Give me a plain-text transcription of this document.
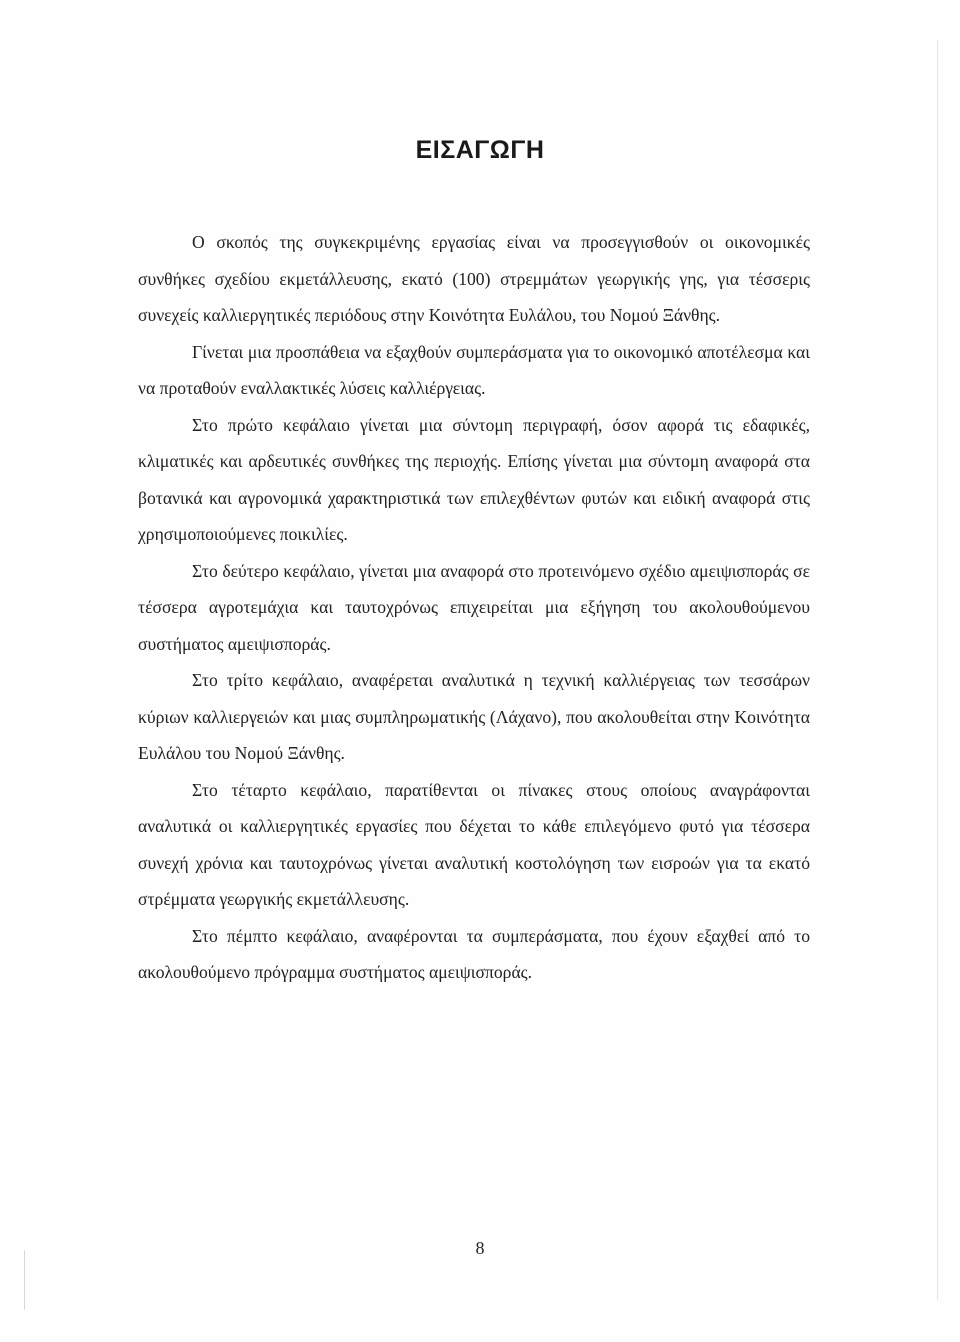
ΕΙΣΑΓΩΓΗ

Ο σκοπός της συγκεκριμένης εργασίας είναι να προσεγγισθούν οι οικονομικές συνθήκες σχεδίου εκμετάλλευσης, εκατό (100) στρεμμάτων γεωργικής γης, για τέσσερις συνεχείς καλλιεργητικές περιόδους στην Κοινότητα Ευλάλου, του Νομού Ξάνθης.

Γίνεται μια προσπάθεια να εξαχθούν συμπεράσματα για το οικονομικό αποτέλεσμα και να προταθούν εναλλακτικές λύσεις καλλιέργειας.

Στο πρώτο κεφάλαιο γίνεται μια σύντομη περιγραφή, όσον αφορά τις εδαφικές, κλιματικές και αρδευτικές συνθήκες της περιοχής. Επίσης γίνεται μια σύντομη αναφορά στα βοτανικά και αγρονομικά χαρακτηριστικά των επιλεχθέντων φυτών και ειδική αναφορά στις χρησιμοποιούμενες ποικιλίες.

Στο δεύτερο κεφάλαιο, γίνεται μια αναφορά στο προτεινόμενο σχέδιο αμειψισποράς σε τέσσερα αγροτεμάχια και ταυτοχρόνως επιχειρείται μια εξήγηση του ακολουθούμενου συστήματος αμειψισποράς.

Στο τρίτο κεφάλαιο, αναφέρεται αναλυτικά η τεχνική καλλιέργειας των τεσσάρων κύριων καλλιεργειών και μιας συμπληρωματικής (Λάχανο), που ακολουθείται στην Κοινότητα Ευλάλου του Νομού Ξάνθης.

Στο τέταρτο κεφάλαιο, παρατίθενται οι πίνακες στους οποίους αναγράφονται αναλυτικά οι καλλιεργητικές εργασίες που δέχεται το κάθε επιλεγόμενο φυτό για τέσσερα συνεχή χρόνια και ταυτοχρόνως γίνεται αναλυτική κοστολόγηση των εισροών για τα εκατό στρέμματα γεωργικής εκμετάλλευσης.

Στο πέμπτο κεφάλαιο, αναφέρονται τα συμπεράσματα, που έχουν εξαχθεί από το ακολουθούμενο πρόγραμμα συστήματος αμειψισποράς.

8
